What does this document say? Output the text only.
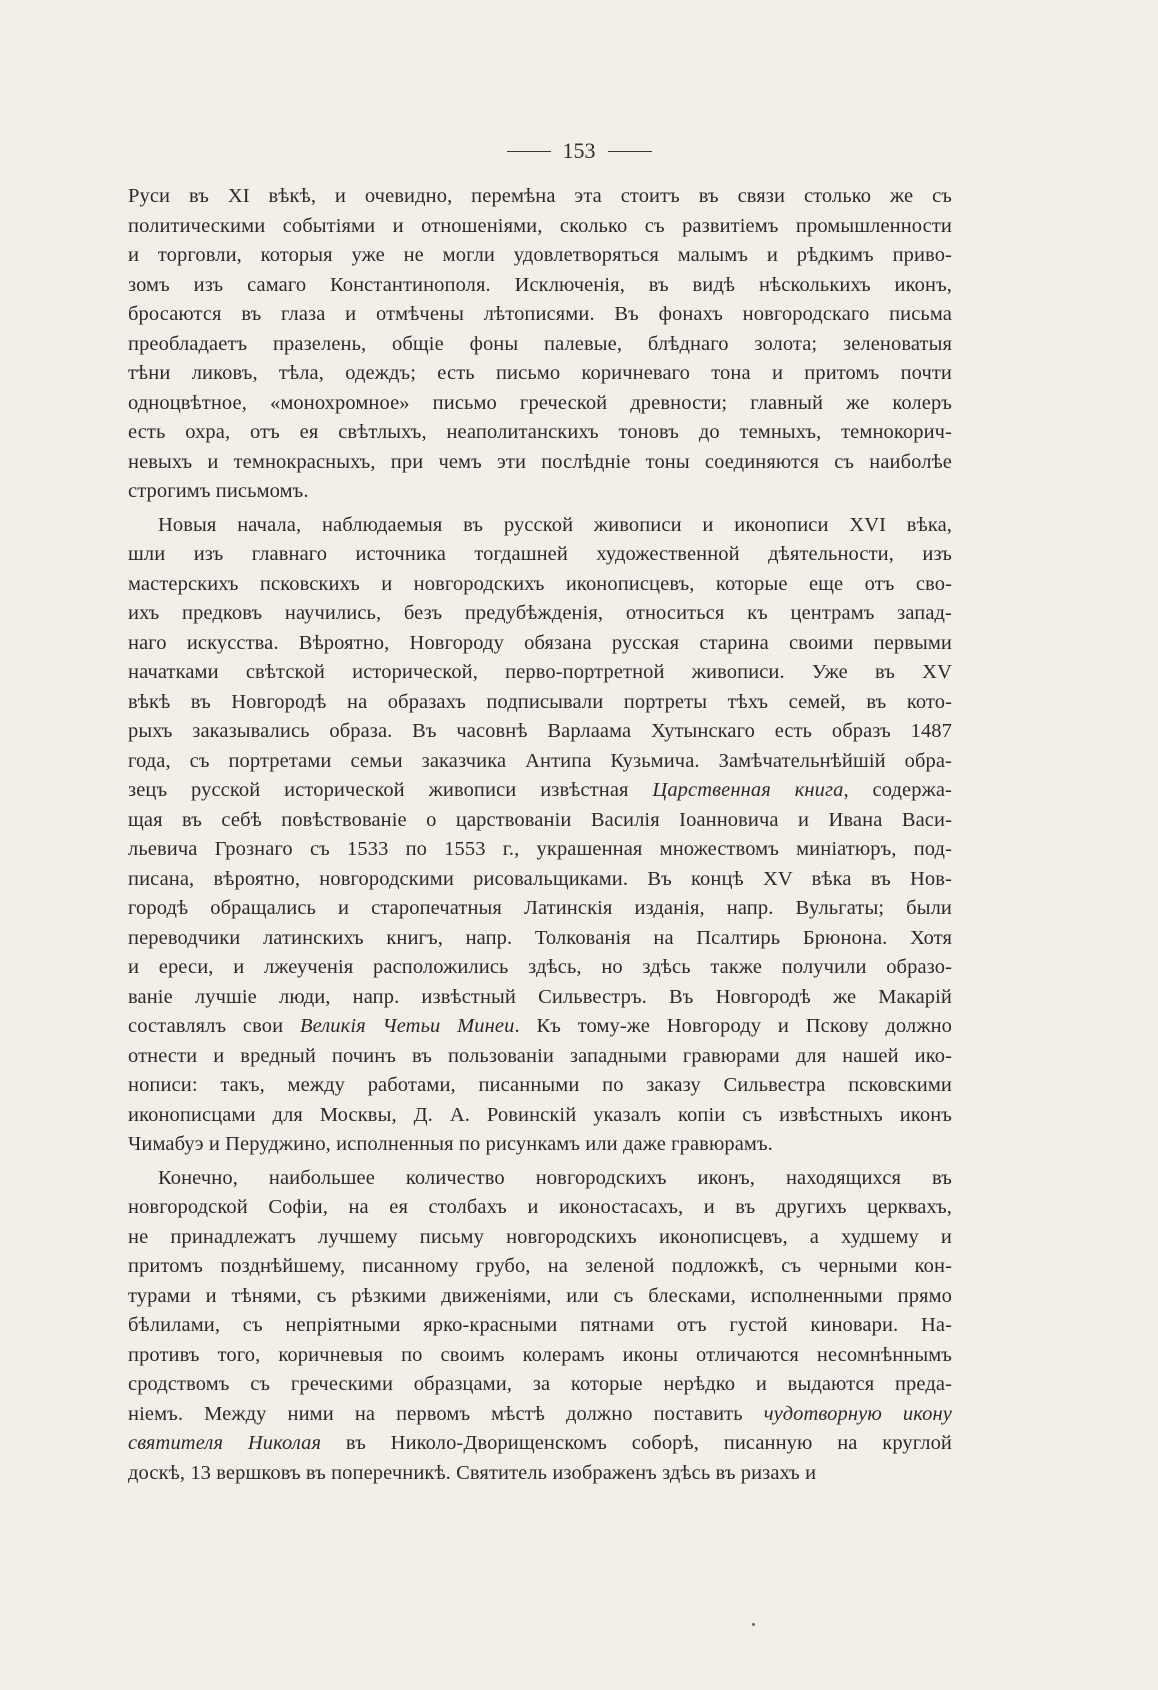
153
Руси въ XI вѣкѣ, и очевидно, перемѣна эта стоитъ въ связи столько же съ
политическими событіями и отношеніями, сколько съ развитіемъ промышленности
и торговли, которыя уже не могли удовлетворяться малымъ и рѣдкимъ приво-
зомъ изъ самаго Константинополя. Исключенія, въ видѣ нѣсколькихъ иконъ,
бросаются въ глаза и отмѣчены лѣтописями. Въ фонахъ новгородскаго письма
преобладаетъ празелень, общіе фоны палевые, блѣднаго золота; зеленоватыя
тѣни ликовъ, тѣла, одеждъ; есть письмо коричневаго тона и притомъ почти
одноцвѣтное, «монохромное» письмо греческой древности; главный же колеръ
есть охра, отъ ея свѣтлыхъ, неаполитанскихъ тоновъ до темныхъ, темнокорич-
невыхъ и темнокрасныхъ, при чемъ эти послѣдніе тоны соединяются съ наиболѣе
строгимъ письмомъ.
Новыя начала, наблюдаемыя въ русской живописи и иконописи XVI вѣка,
шли изъ главнаго источника тогдашней художественной дѣятельности, изъ
мастерскихъ псковскихъ и новгородскихъ иконописцевъ, которые еще отъ сво-
ихъ предковъ научились, безъ предубѣжденія, относиться къ центрамъ запад-
наго искусства. Вѣроятно, Новгороду обязана русская старина своими первыми
начатками свѣтской исторической, перво-портретной живописи. Уже въ XV
вѣкѣ въ Новгородѣ на образахъ подписывали портреты тѣхъ семей, въ кото-
рыхъ заказывались образа. Въ часовнѣ Варлаама Хутынскаго есть образъ 1487
года, съ портретами семьи заказчика Антипа Кузьмича. Замѣчательнѣйшій обра-
зецъ русской исторической живописи извѣстная Царственная книга, содержа-
щая въ себѣ повѣствованіе о царствованіи Василія Іоанновича и Ивана Васи-
льевича Грознаго съ 1533 по 1553 г., украшенная множествомъ миніатюръ, под-
писана, вѣроятно, новгородскими рисовальщиками. Въ концѣ XV вѣка въ Нов-
городѣ обращались и старопечатныя Латинскія изданія, напр. Вульгаты; были
переводчики латинскихъ книгъ, напр. Толкованія на Псалтирь Брюнона. Хотя
и ереси, и лжеученія расположились здѣсь, но здѣсь также получили образо-
ваніе лучшіе люди, напр. извѣстный Сильвестръ. Въ Новгородѣ же Макарій
составлялъ свои Великія Четьи Минеи. Къ тому-же Новгороду и Пскову должно
отнести и вредный починъ въ пользованіи западными гравюрами для нашей ико-
нописи: такъ, между работами, писанными по заказу Сильвестра псковскими
иконописцами для Москвы, Д. А. Ровинскій указалъ копіи съ извѣстныхъ иконъ
Чимабуэ и Перуджино, исполненныя по рисункамъ или даже гравюрамъ.
Конечно, наибольшее количество новгородскихъ иконъ, находящихся въ
новгородской Софіи, на ея столбахъ и иконостасахъ, и въ другихъ церквахъ,
не принадлежатъ лучшему письму новгородскихъ иконописцевъ, а худшему и
притомъ позднѣйшему, писанному грубо, на зеленой подложкѣ, съ черными кон-
турами и тѣнями, съ рѣзкими движеніями, или съ блесками, исполненными прямо
бѣлилами, съ непріятными ярко-красными пятнами отъ густой киновари. На-
противъ того, коричневыя по своимъ колерамъ иконы отличаются несомнѣннымъ
сродствомъ съ греческими образцами, за которые нерѣдко и выдаются преда-
ніемъ. Между ними на первомъ мѣстѣ должно поставить чудотворную икону
святителя Николая въ Николо-Дворищенскомъ соборѣ, писанную на круглой
доскѣ, 13 вершковъ въ поперечникѣ. Святитель изображенъ здѣсь въ ризахъ и
